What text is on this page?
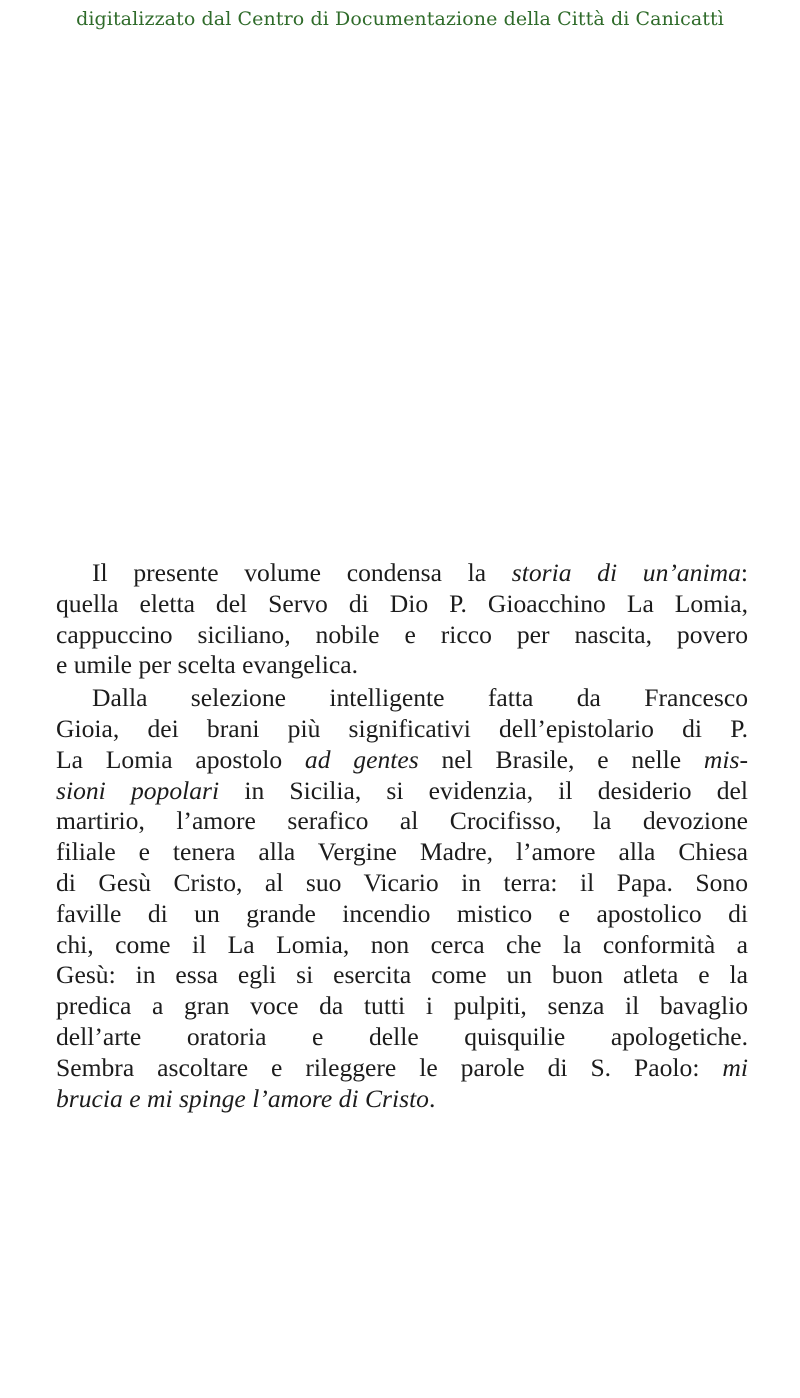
digitalizzato dal Centro di Documentazione della Città di Canicattì
Il presente volume condensa la storia di un’anima:
quella eletta del Servo di Dio P. Gioacchino La Lomia,
cappuccino siciliano, nobile e ricco per nascita, povero
e umile per scelta evangelica.
Dalla selezione intelligente fatta da Francesco
Gioia, dei brani più significativi dell’epistolario di P.
La Lomia apostolo ad gentes nel Brasile, e nelle mis-
sioni popolari in Sicilia, si evidenzia, il desiderio del
martirio, l’amore serafico al Crocifisso, la devozione
filiale e tenera alla Vergine Madre, l’amore alla Chiesa
di Gesù Cristo, al suo Vicario in terra: il Papa. Sono
faville di un grande incendio mistico e apostolico di
chi, come il La Lomia, non cerca che la conformità a
Gesù: in essa egli si esercita come un buon atleta e la
predica a gran voce da tutti i pulpiti, senza il bavaglio
dell’arte oratoria e delle quisquilie apologetiche.
Sembra ascoltare e rileggere le parole di S. Paolo: mi
brucia e mi spinge l’amore di Cristo.
